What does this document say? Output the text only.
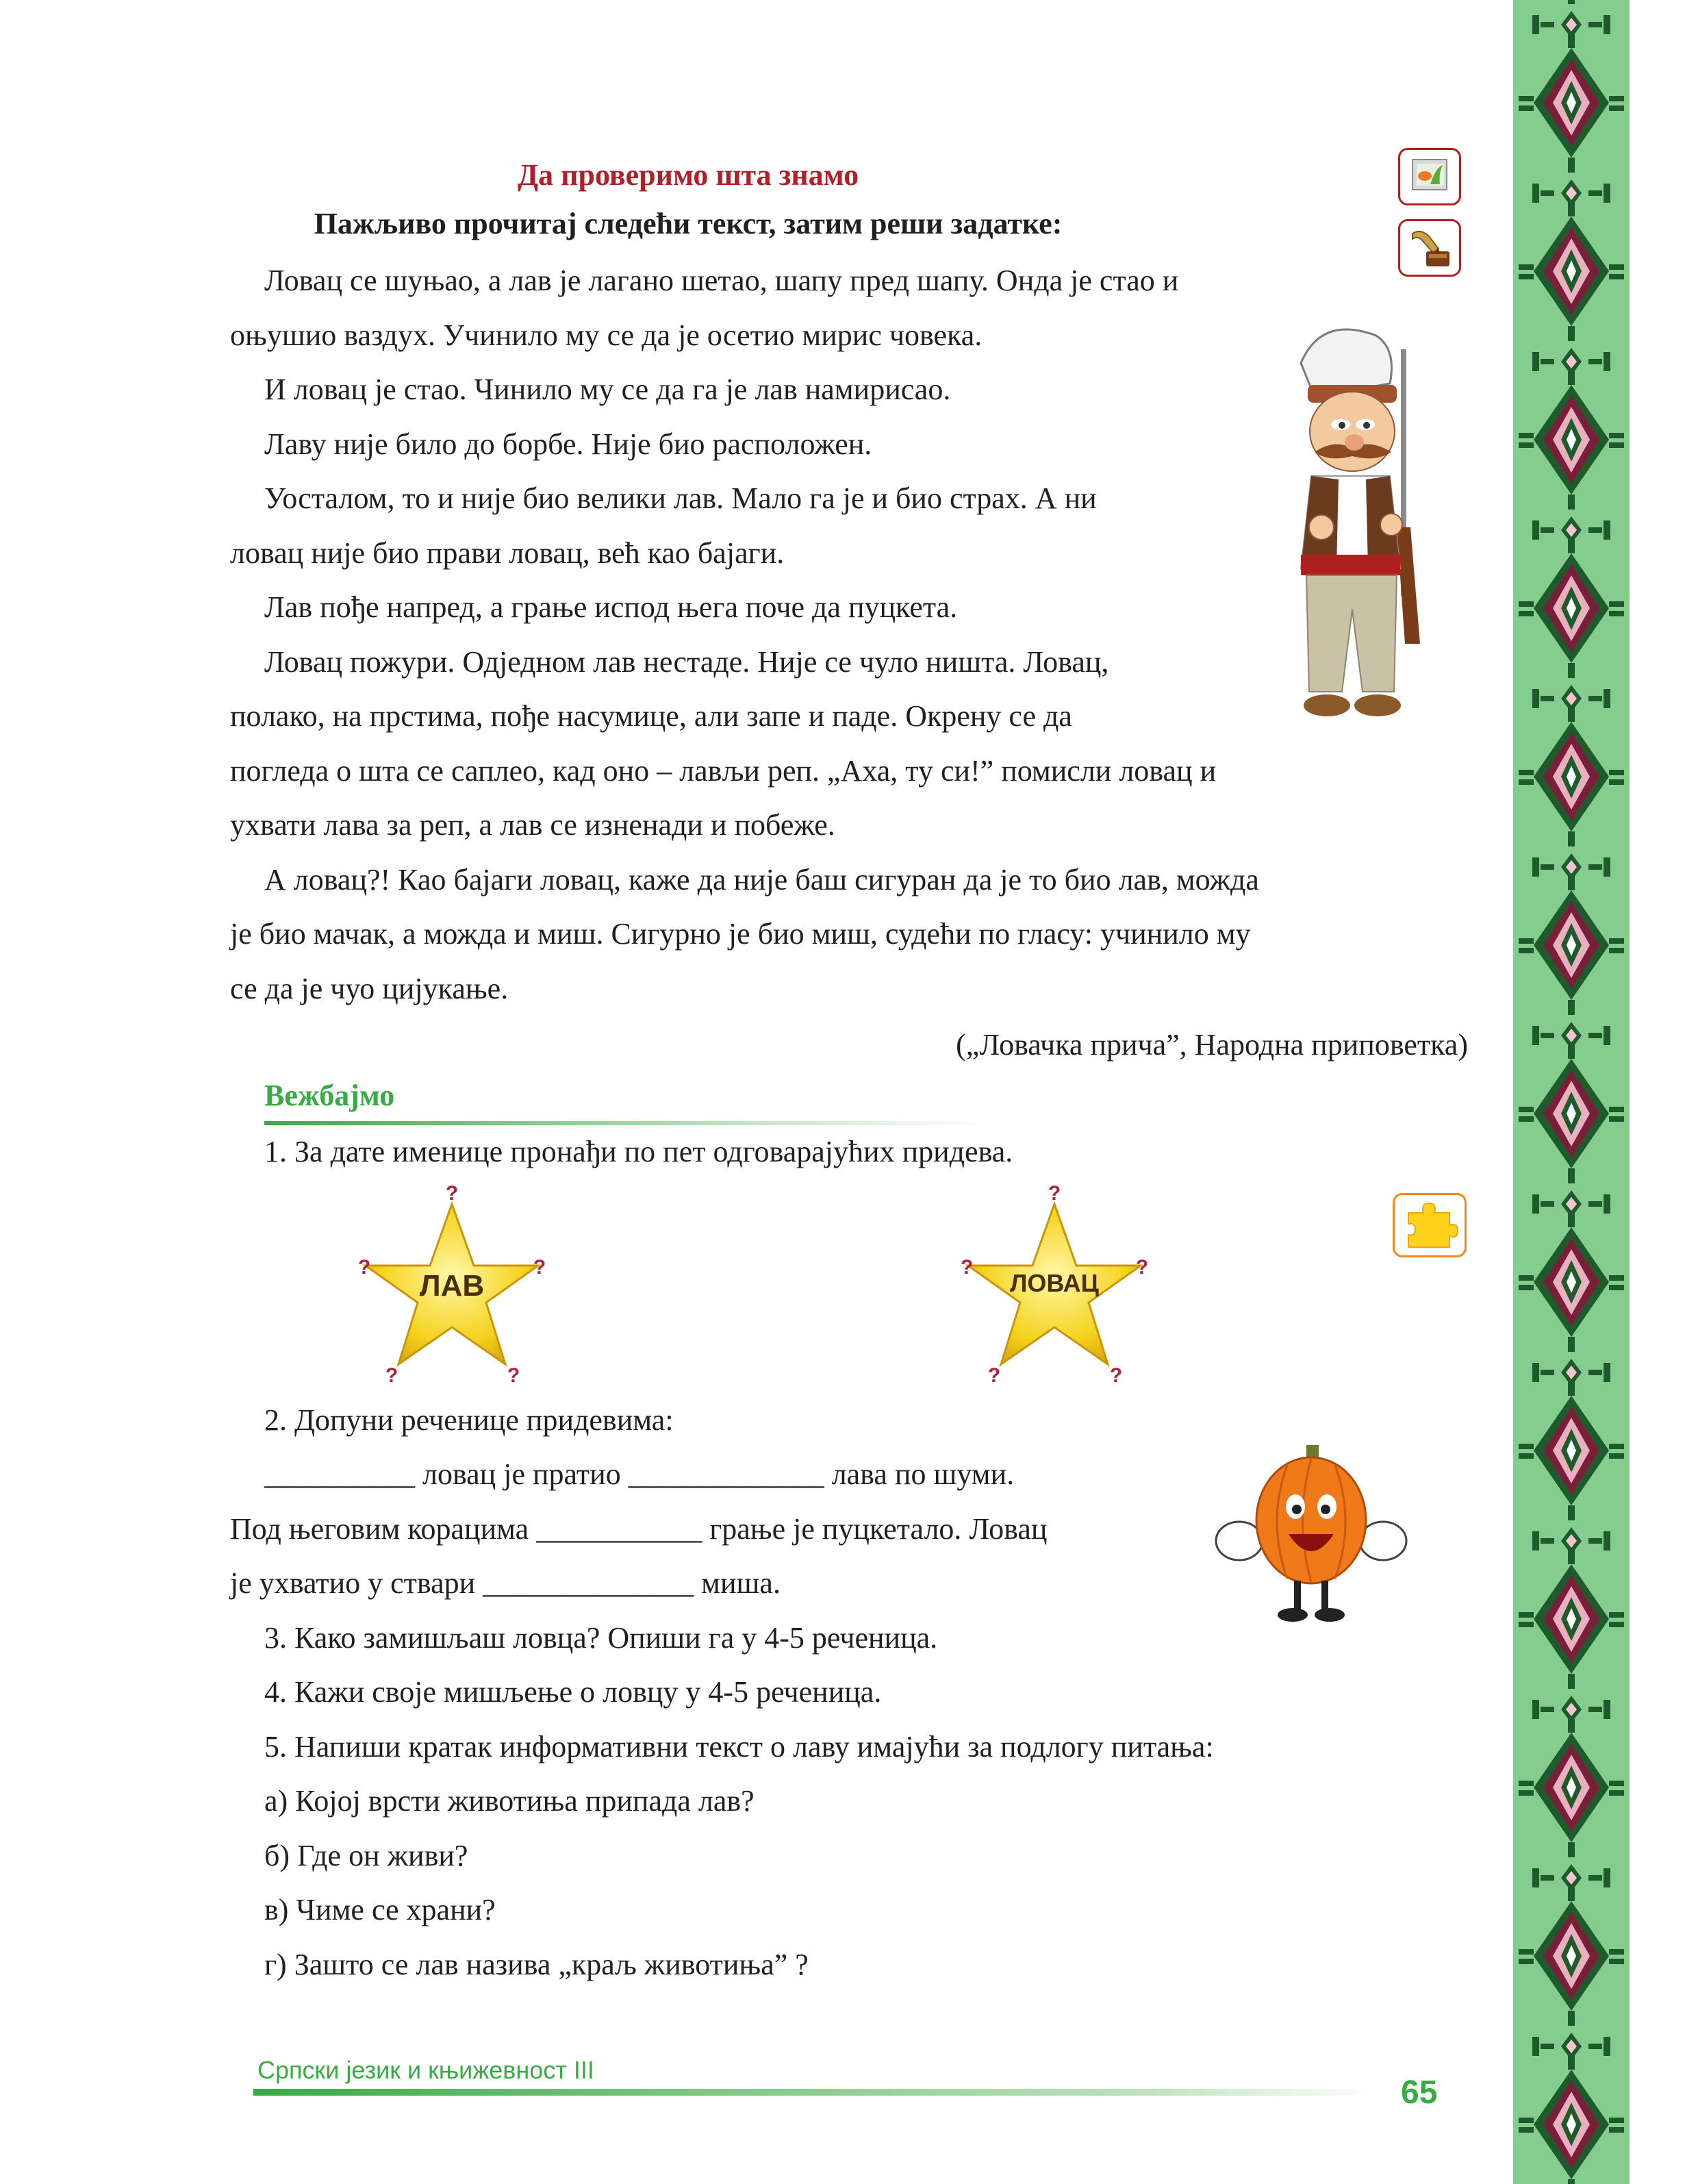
Да проверимо шта знамо
Пажљиво прочитај следећи текст, затим реши задатке:
Ловац се шуњао, а лав је лагано шетао, шапу пред шапу. Онда је стао и
оњушио ваздух. Учинило му се да је осетио мирис човека.
И ловац је стао. Чинило му се да га је лав намирисао.
Лаву није било до борбе. Није био расположен.
Уосталом, то и није био велики лав. Мало га је и био страх. А ни
ловац није био прави ловац, већ као бајаги.
Лав пође напред, а грање испод њега поче да пуцкета.
Ловац пожури. Одједном лав нестаде. Није се чуло ништа. Ловац,
полако, на прстима, пође насумице, али запе и паде. Окрену се да
погледа о шта се саплео, кад оно – лављи реп. „Аха, ту си!” помисли ловац и
ухвати лава за реп, а лав се изненади и побеже.
А ловац?! Као бајаги ловац, каже да није баш сигуран да је то био лав, можда
је био мачак, а можда и миш. Сигурно је био миш, судећи по гласу: учинило му
се да је чуо цијукање.
(„Ловачка прича”, Народна приповетка)
Вежбајмо
1. За дате именице пронађи по пет одговарајућих придева.
ЛАВ
?
?	?
?	?
ЛОВАЦ
?
?	?
?	?
2. Допуни реченице придевима:
__________ ловац је пратио _____________ лава по шуми.
Под његовим корацима ___________ грање је пуцкетало. Ловац
је ухватио у ствари ______________ миша.
3. Како замишљаш ловца? Опиши га у 4-5 реченица.
4. Кажи своје мишљење о ловцу у 4-5 реченица.
5. Напиши кратак информативни текст о лаву имајући за подлогу питања:
а) Којој врсти животиња припада лав?
б) Где он живи?
в) Чиме се храни?
г) Зашто се лав назива „краљ животиња” ?
Српски језик и књижевност III
65
